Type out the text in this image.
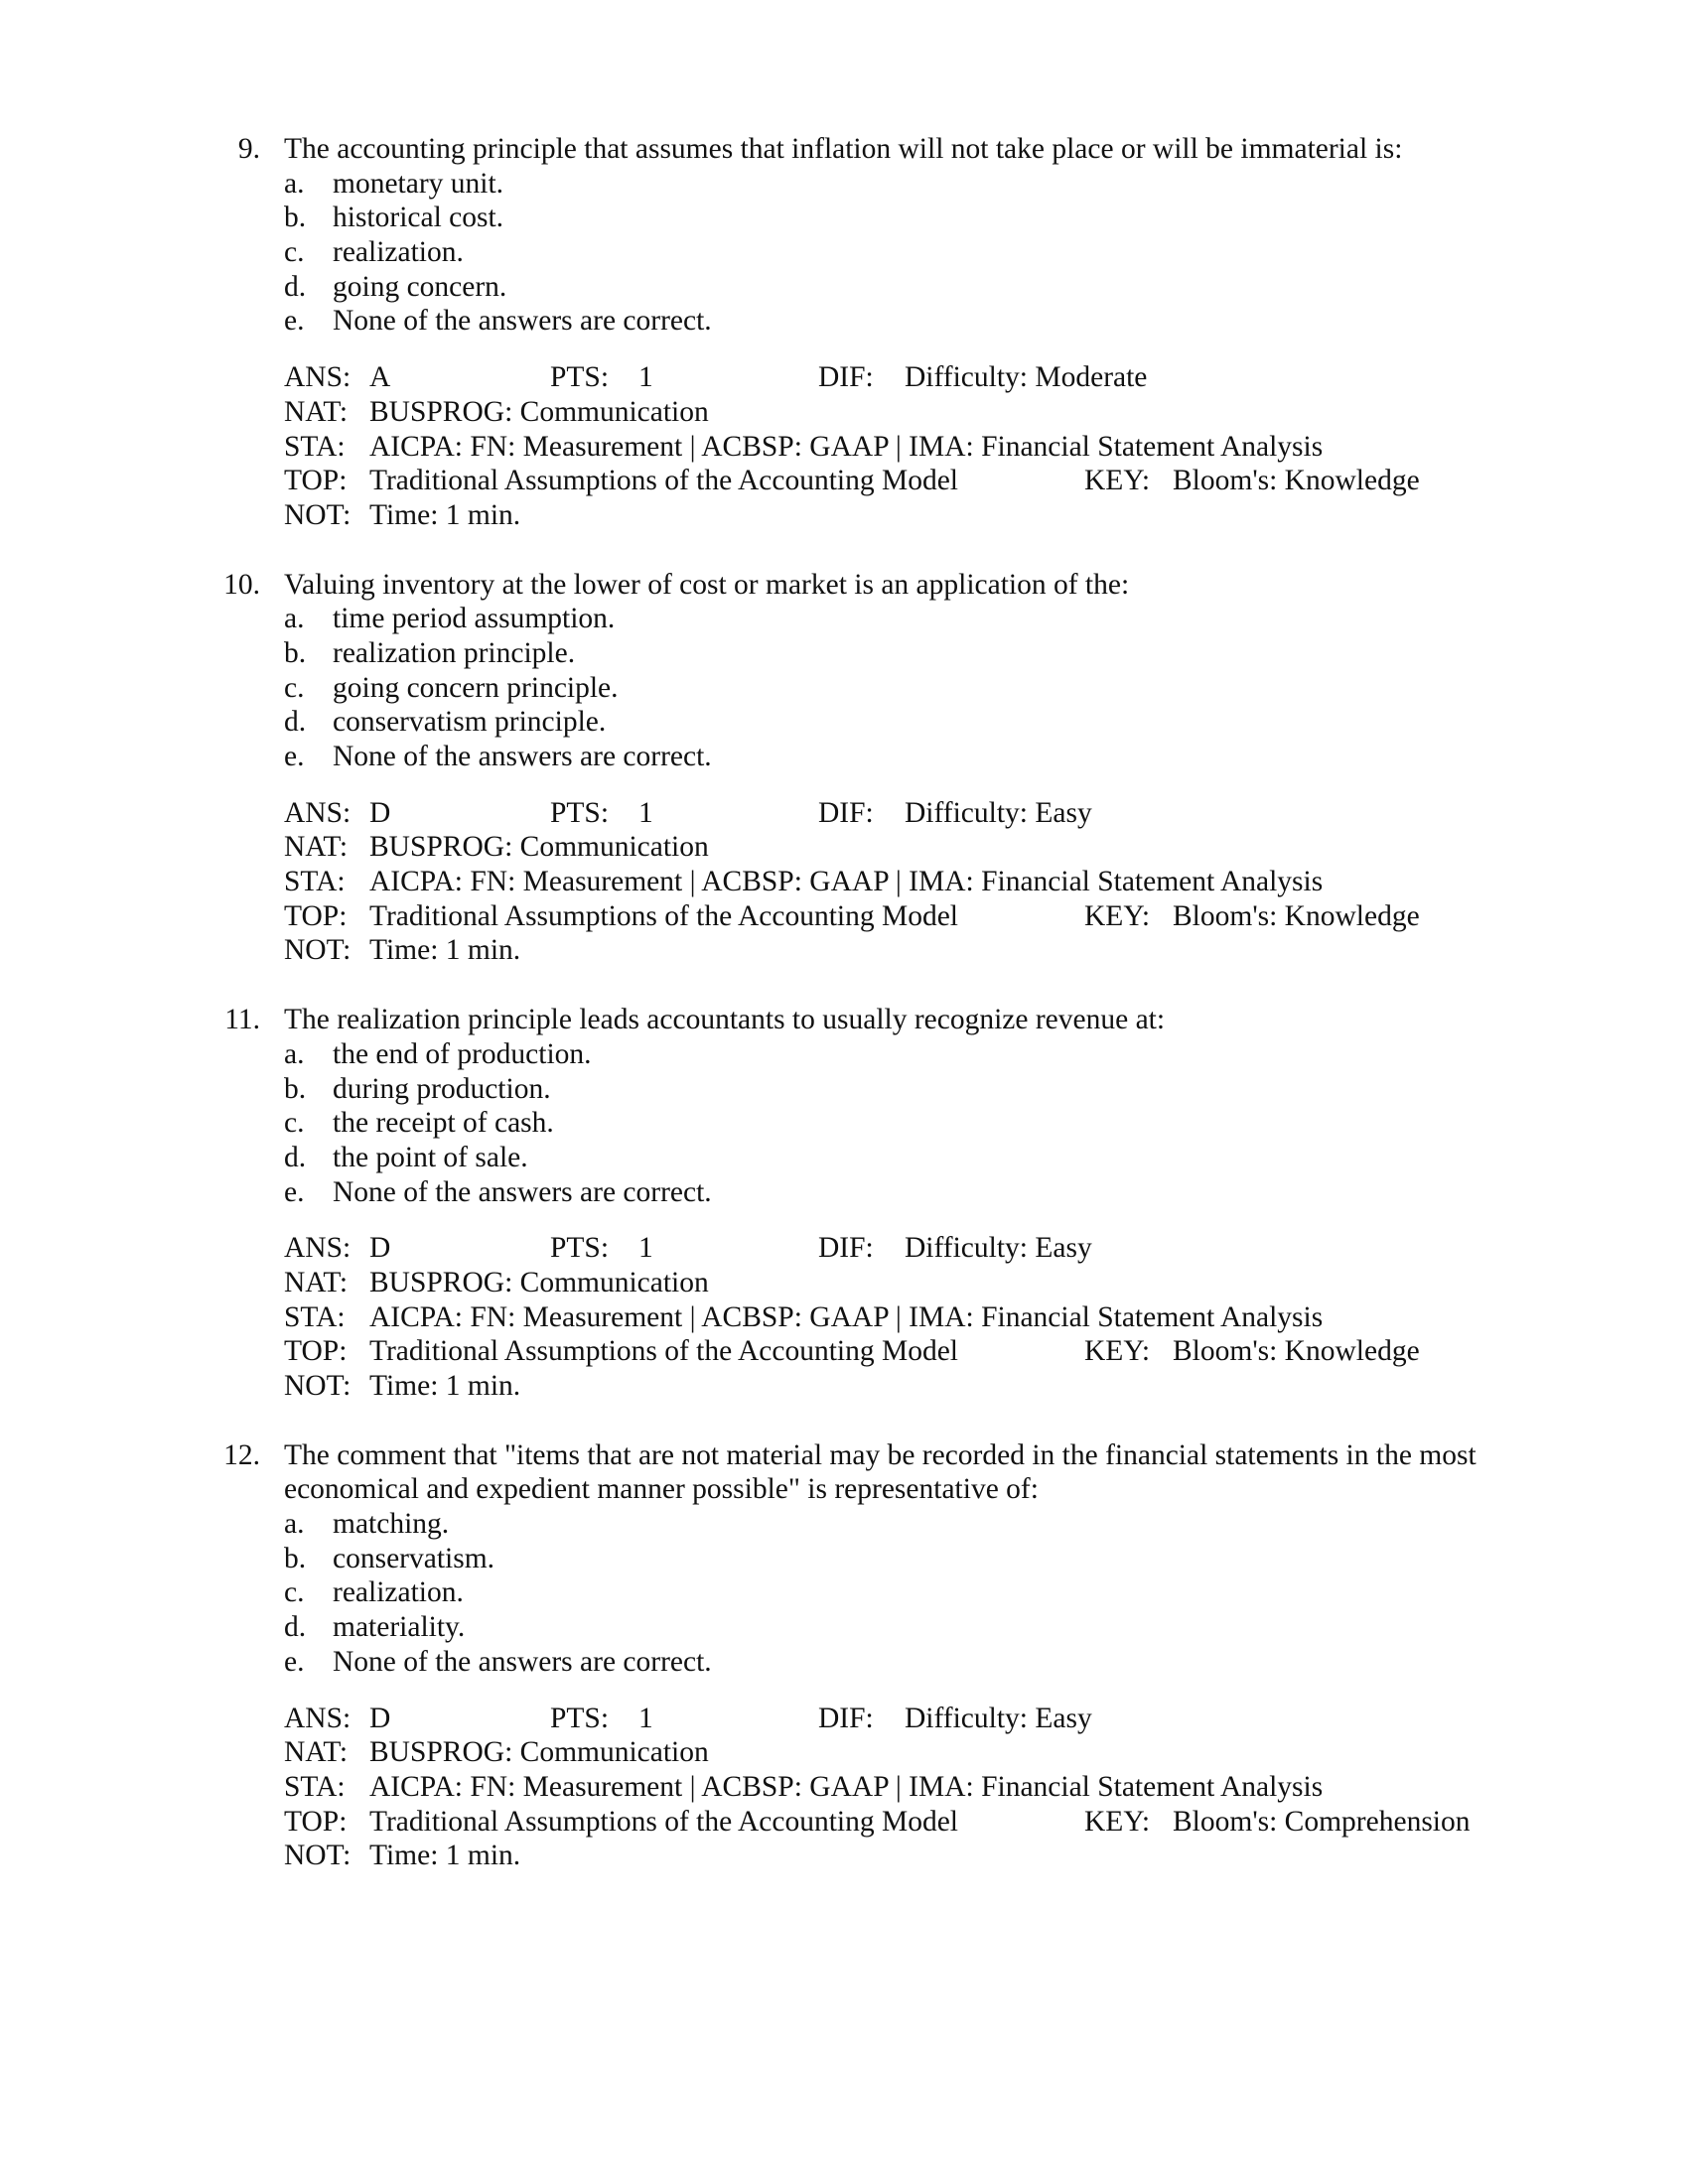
9. The accounting principle that assumes that inflation will not take place or will be immaterial is:
a. monetary unit.
b. historical cost.
c. realization.
d. going concern.
e. None of the answers are correct.
ANS: A	PTS: 1	DIF: Difficulty: Moderate
NAT: BUSPROG: Communication
STA: AICPA: FN: Measurement | ACBSP: GAAP | IMA: Financial Statement Analysis
TOP: Traditional Assumptions of the Accounting Model	KEY: Bloom's: Knowledge
NOT: Time: 1 min.
10. Valuing inventory at the lower of cost or market is an application of the:
a. time period assumption.
b. realization principle.
c. going concern principle.
d. conservatism principle.
e. None of the answers are correct.
ANS: D	PTS: 1	DIF: Difficulty: Easy
NAT: BUSPROG: Communication
STA: AICPA: FN: Measurement | ACBSP: GAAP | IMA: Financial Statement Analysis
TOP: Traditional Assumptions of the Accounting Model	KEY: Bloom's: Knowledge
NOT: Time: 1 min.
11. The realization principle leads accountants to usually recognize revenue at:
a. the end of production.
b. during production.
c. the receipt of cash.
d. the point of sale.
e. None of the answers are correct.
ANS: D	PTS: 1	DIF: Difficulty: Easy
NAT: BUSPROG: Communication
STA: AICPA: FN: Measurement | ACBSP: GAAP | IMA: Financial Statement Analysis
TOP: Traditional Assumptions of the Accounting Model	KEY: Bloom's: Knowledge
NOT: Time: 1 min.
12. The comment that "items that are not material may be recorded in the financial statements in the most
economical and expedient manner possible" is representative of:
a. matching.
b. conservatism.
c. realization.
d. materiality.
e. None of the answers are correct.
ANS: D	PTS: 1	DIF: Difficulty: Easy
NAT: BUSPROG: Communication
STA: AICPA: FN: Measurement | ACBSP: GAAP | IMA: Financial Statement Analysis
TOP: Traditional Assumptions of the Accounting Model	KEY: Bloom's: Comprehension
NOT: Time: 1 min.
